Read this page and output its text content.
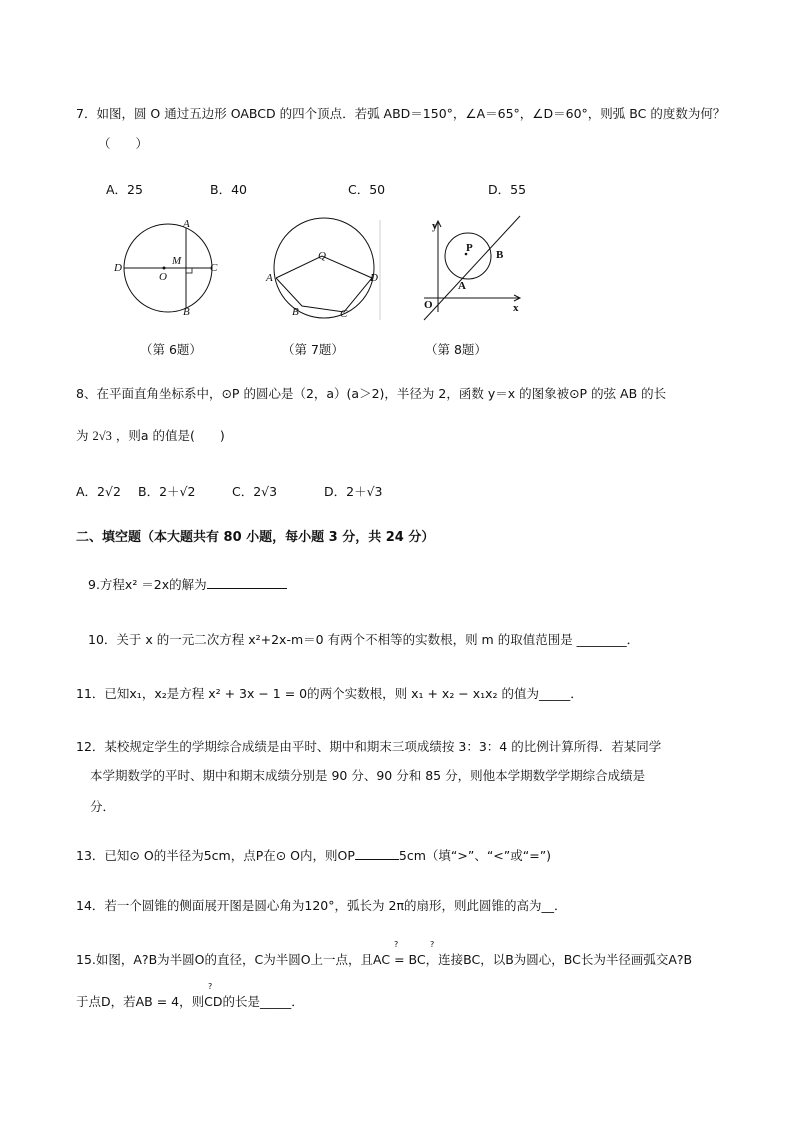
7．如图，圆 O 通过五边形 OABCD 的四个顶点．若弧 ABD＝150°，∠A＝65°，∠D＝60°，则弧 BC 的度数为何？
（　　）
A．25	B．40	C．50	D．55
A
M
D
O
C
B
Q
A	D
B	C
y
P
B
A
O	x
（第 6题）	（第 7题）	（第 8题）
8、在平面直角坐标系中，⊙P 的圆心是（2，a）(a＞2)，半径为 2，函数 y＝x 的图象被⊙P 的弦 AB 的长
为 2√3 ，则a 的值是(　　)
A．2√2 B．2＋√2	C．2√3	D．2＋√3
二、填空题（本大题共有 80 小题，每小题 3 分，共 24 分）
9.方程x² ＝2x的解为
10．关于 x 的一元二次方程 x²+2x-m＝0 有两个不相等的实数根，则 m 的取值范围是 ________．
11．已知x₁，x₂是方程 x² + 3x − 1 = 0的两个实数根，则 x₁ + x₂ − x₁x₂ 的值为_____．
12．某校规定学生的学期综合成绩是由平时、期中和期末三项成绩按 3：3：4 的比例计算所得．若某同学
本学期数学的平时、期中和期末成绩分别是 90 分、90 分和 85 分，则他本学期数学学期综合成绩是
分．
13．已知⊙ O的半径为5cm，点P在⊙ O内，则OP	5cm（填“>”、“<”或“=”)
14．若一个圆锥的侧面展开图是圆心角为120°，弧长为 2π的扇形，则此圆锥的高为__．
?	?
15.如图，A?B为半圆O的直径，C为半圆O上一点，且AC = BC，连接BC，以B为圆心，BC长为半径画弧交A?B
?
于点D，若AB = 4，则CD的长是_____．
